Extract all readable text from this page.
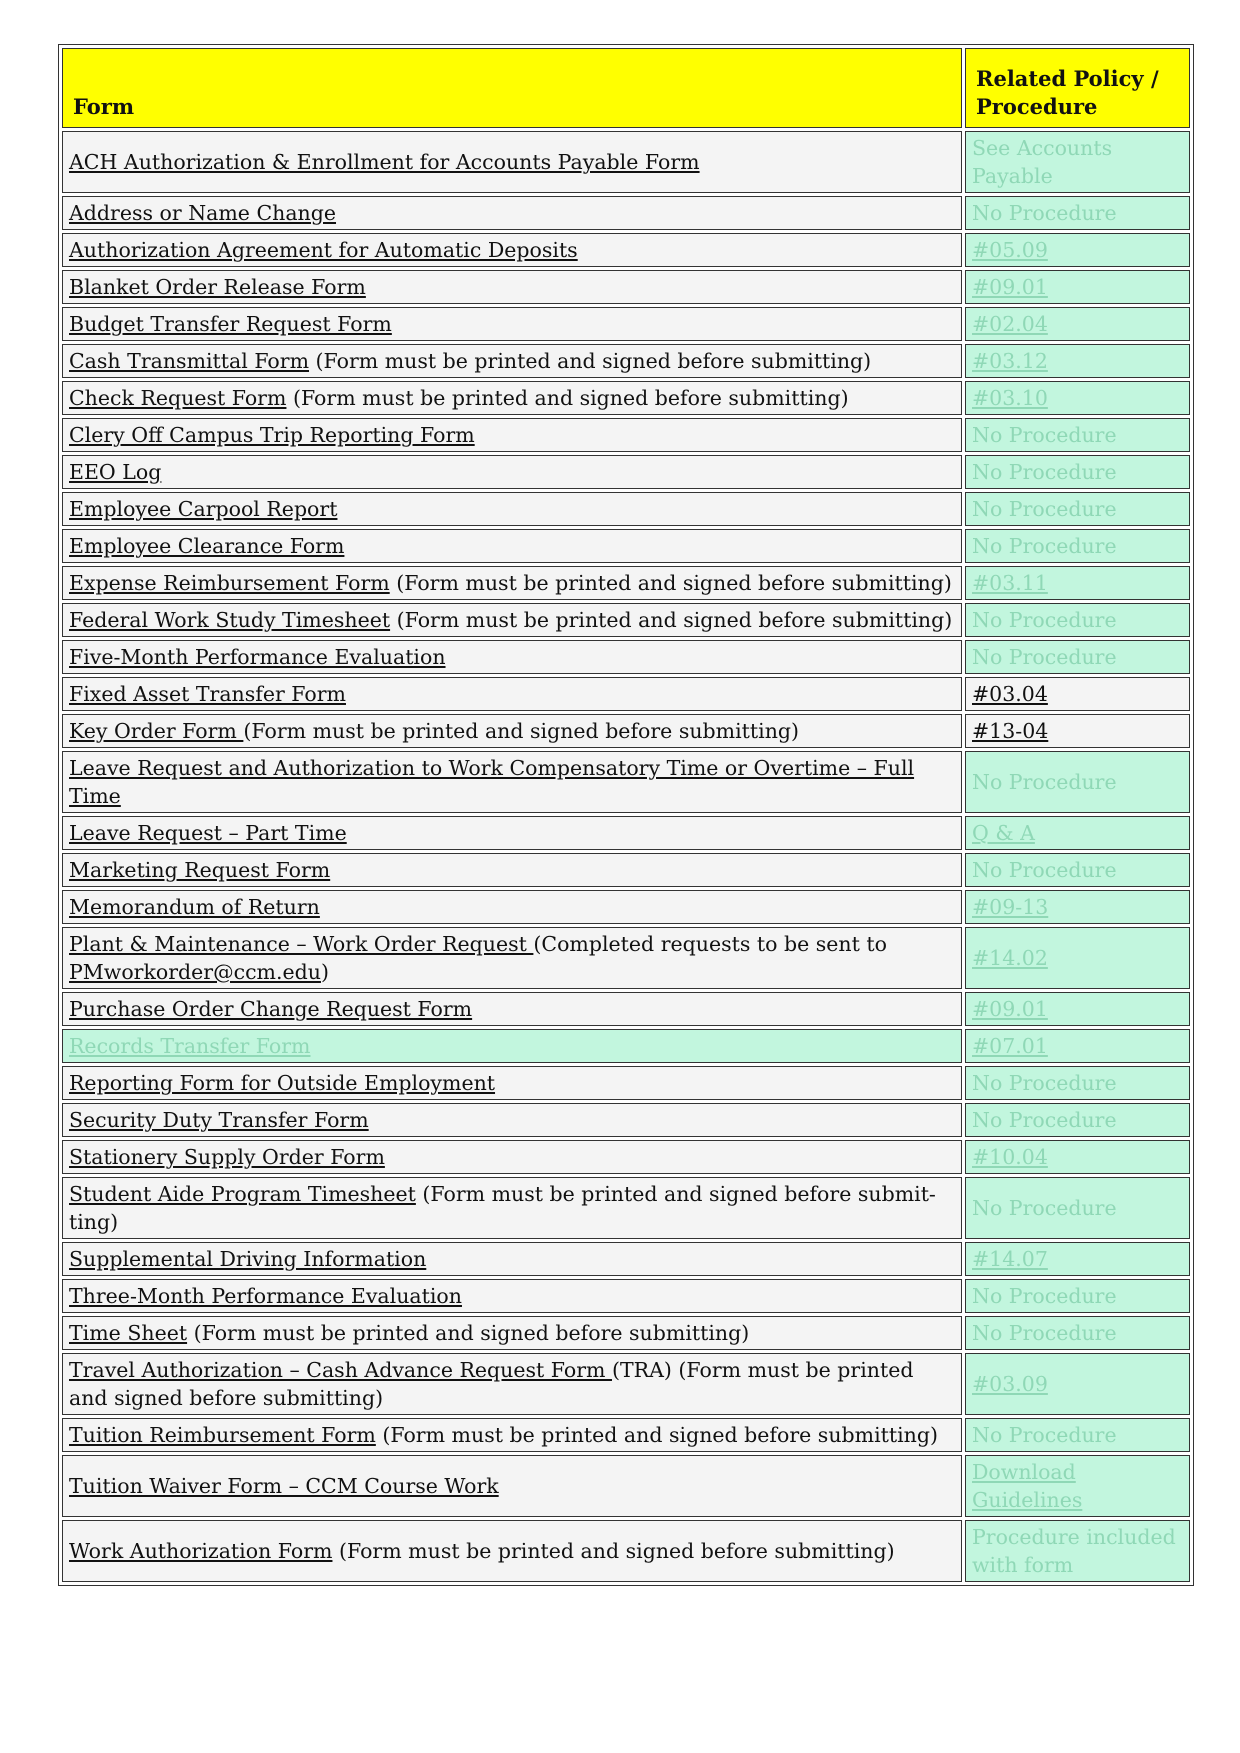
Form	Related Policy / Procedure
ACH Authorization & Enrollment for Accounts Payable Form	See Accounts Payable
Address or Name Change	No Procedure
Authorization Agreement for Automatic Deposits	#05.09
Blanket Order Release Form	#09.01
Budget Transfer Request Form	#02.04
Cash Transmittal Form (Form must be printed and signed before submitting)	#03.12
Check Request Form (Form must be printed and signed before submitting)	#03.10
Clery Off Campus Trip Reporting Form	No Procedure
EEO Log	No Procedure
Employee Carpool Report	No Procedure
Employee Clearance Form	No Procedure
Expense Reimbursement Form (Form must be printed and signed before submitting)	#03.11
Federal Work Study Timesheet (Form must be printed and signed before submitting)	No Procedure
Five-Month Performance Evaluation	No Procedure
Fixed Asset Transfer Form	#03.04
Key Order Form (Form must be printed and signed before submitting)	#13-04
Leave Request and Authorization to Work Compensatory Time or Overtime – Full Time	No Procedure
Leave Request – Part Time	Q & A
Marketing Request Form	No Procedure
Memorandum of Return	#09-13
Plant & Maintenance – Work Order Request (Completed requests to be sent to PMworkorder@ccm.edu)	#14.02
Purchase Order Change Request Form	#09.01
Records Transfer Form	#07.01
Reporting Form for Outside Employment	No Procedure
Security Duty Transfer Form	No Procedure
Stationery Supply Order Form	#10.04
Student Aide Program Timesheet (Form must be printed and signed before submit-ting)	No Procedure
Supplemental Driving Information	#14.07
Three-Month Performance Evaluation	No Procedure
Time Sheet (Form must be printed and signed before submitting)	No Procedure
Travel Authorization – Cash Advance Request Form (TRA) (Form must be printed and signed before submitting)	#03.09
Tuition Reimbursement Form (Form must be printed and signed before submitting)	No Procedure
Tuition Waiver Form – CCM Course Work	Download Guidelines
Work Authorization Form (Form must be printed and signed before submitting)	Procedure included with form
